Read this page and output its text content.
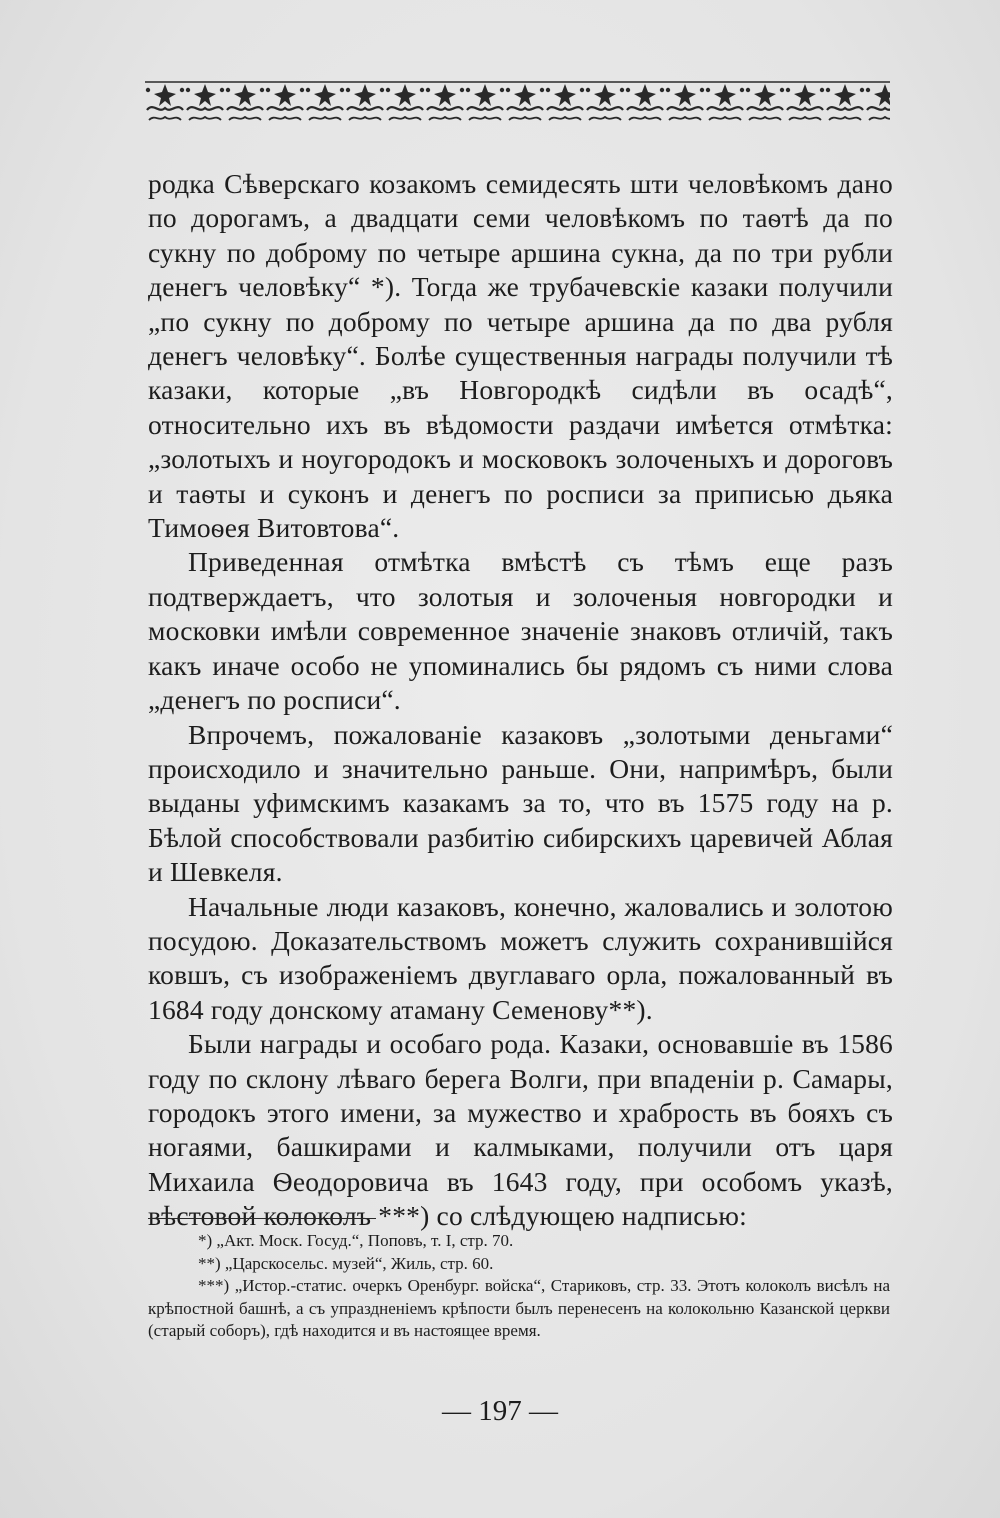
родка Сѣверскаго козакомъ семидесять шти человѣкомъ дано по дорогамъ, а двадцати семи человѣкомъ по таѳтѣ да по сукну по доброму по четыре аршина сукна, да по три рубли денегъ человѣку“ *). Тогда же трубачевскіе казаки получили „по сукну по доброму по четыре аршина да по два рубля денегъ человѣку“. Болѣе существенныя награды получили тѣ казаки, которые „въ Новгородкѣ сидѣли въ осадѣ“, относительно ихъ въ вѣдомости раздачи имѣется отмѣтка: „золотыхъ и ноугородокъ и московокъ золоченыхъ и дороговъ и таѳты и суконъ и денегъ по росписи за приписью дьяка Тимоѳея Витовтова“.

Приведенная отмѣтка вмѣстѣ съ тѣмъ еще разъ подтверждаетъ, что золотыя и золоченыя новгородки и московки имѣли современное значеніе знаковъ отличій, такъ какъ иначе особо не упоминались бы рядомъ съ ними слова „денегъ по росписи“.

Впрочемъ, пожалованіе казаковъ „золотыми деньгами“ происходило и значительно раньше. Они, напримѣръ, были выданы уфимскимъ казакамъ за то, что въ 1575 году на р. Бѣлой способствовали разбитію сибирскихъ царевичей Аблая и Шевкеля.

Начальные люди казаковъ, конечно, жаловались и золотою посудою. Доказательствомъ можетъ служить сохранившійся ковшъ, съ изображеніемъ двуглаваго орла, пожалованный въ 1684 году донскому атаману Семенову**).

Были награды и особаго рода. Казаки, основавшіе въ 1586 году по склону лѣваго берега Волги, при впаденіи р. Самары, городокъ этого имени, за мужество и храбрость въ бояхъ съ ногаями, башкирами и калмыками, получили отъ царя Михаила Ѳеодоровича въ 1643 году, при особомъ указѣ, вѣстовой колоколъ ***) со слѣдующею надписью:

*) „Акт. Моск. Госуд.“, Поповъ, т. I, стр. 70.

**) „Царскосельс. музей“, Жиль, стр. 60.

***) „Истор.-статис. очеркъ Оренбург. войска“, Стариковъ, стр. 33. Этотъ колоколъ висѣлъ на крѣпостной башнѣ, а съ упраздненіемъ крѣпости былъ перенесенъ на колокольню Казанской церкви (старый соборъ), гдѣ находится и въ настоящее время.

— 197 —
